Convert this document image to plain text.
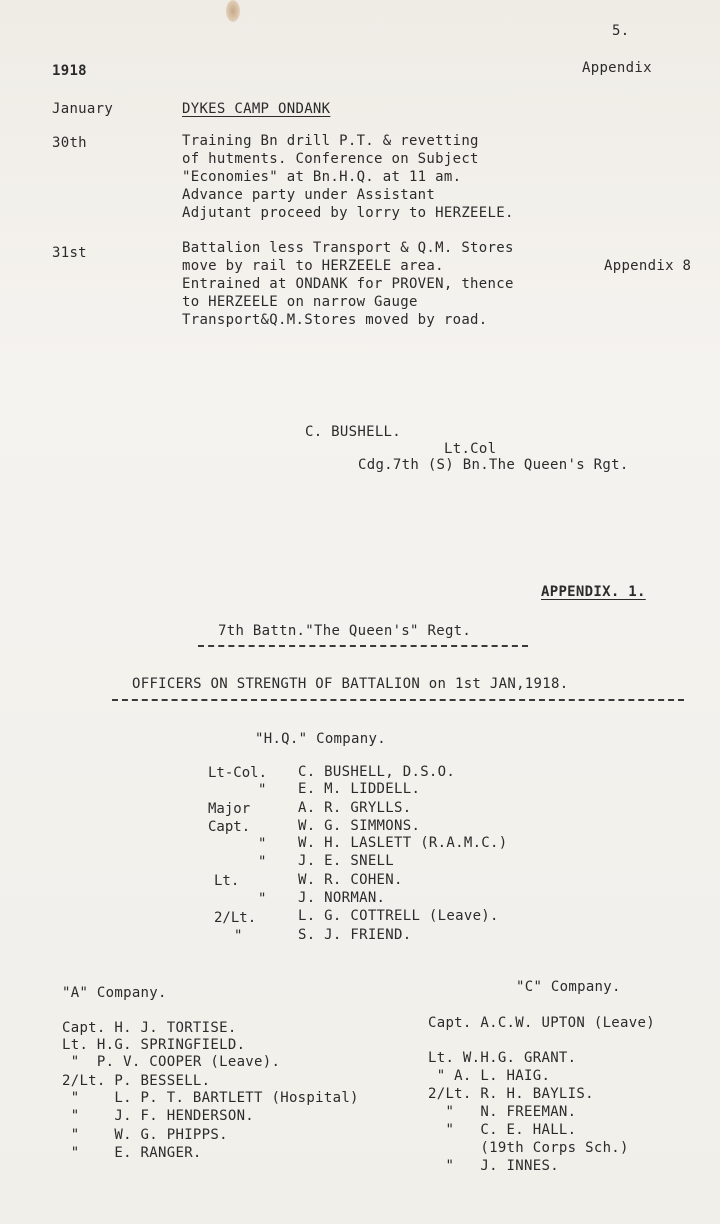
5.
1918	Appendix
January	DYKES CAMP ONDANK
30th	Training Bn drill P.T. & revetting
of hutments. Conference on Subject
"Economies" at Bn.H.Q. at 11 am.
Advance party under Assistant
Adjutant proceed by lorry to HERZEELE.
31st	Battalion less Transport & Q.M. Stores
move by rail to HERZEELE area.	Appendix 8
Entrained at ONDANK for PROVEN, thence
to HERZEELE on narrow Gauge
Transport&Q.M.Stores moved by road.
C. BUSHELL.
Lt.Col
Cdg.7th (S) Bn.The Queen's Rgt.
APPENDIX. 1.
7th Battn."The Queen's" Regt.
OFFICERS ON STRENGTH OF BATTALION on 1st JAN,1918.
"H.Q." Company.
Lt-Col. C. BUSHELL, D.S.O.
" E. M. LIDDELL.
Major	A. R. GRYLLS.
Capt.	W. G. SIMMONS.
" W. H. LASLETT (R.A.M.C.)
" J. E. SNELL
Lt.	W. R. COHEN.
" J. NORMAN.
2/Lt.	L. G. COTTRELL (Leave).
"	S. J. FRIEND.
"A" Company.
Capt. H. J. TORTISE.
Lt. H.G. SPRINGFIELD.
"  P. V. COOPER (Leave).
2/Lt. P. BESSELL.
"    L. P. T. BARTLETT (Hospital)
"    J. F. HENDERSON.
"    W. G. PHIPPS.
"    E. RANGER.
"C" Company.
Capt. A.C.W. UPTON (Leave)
Lt. W.H.G. GRANT.
" A. L. HAIG.
2/Lt. R. H. BAYLIS.
"   N. FREEMAN.
"   C. E. HALL.
(19th Corps Sch.)
"   J. INNES.
